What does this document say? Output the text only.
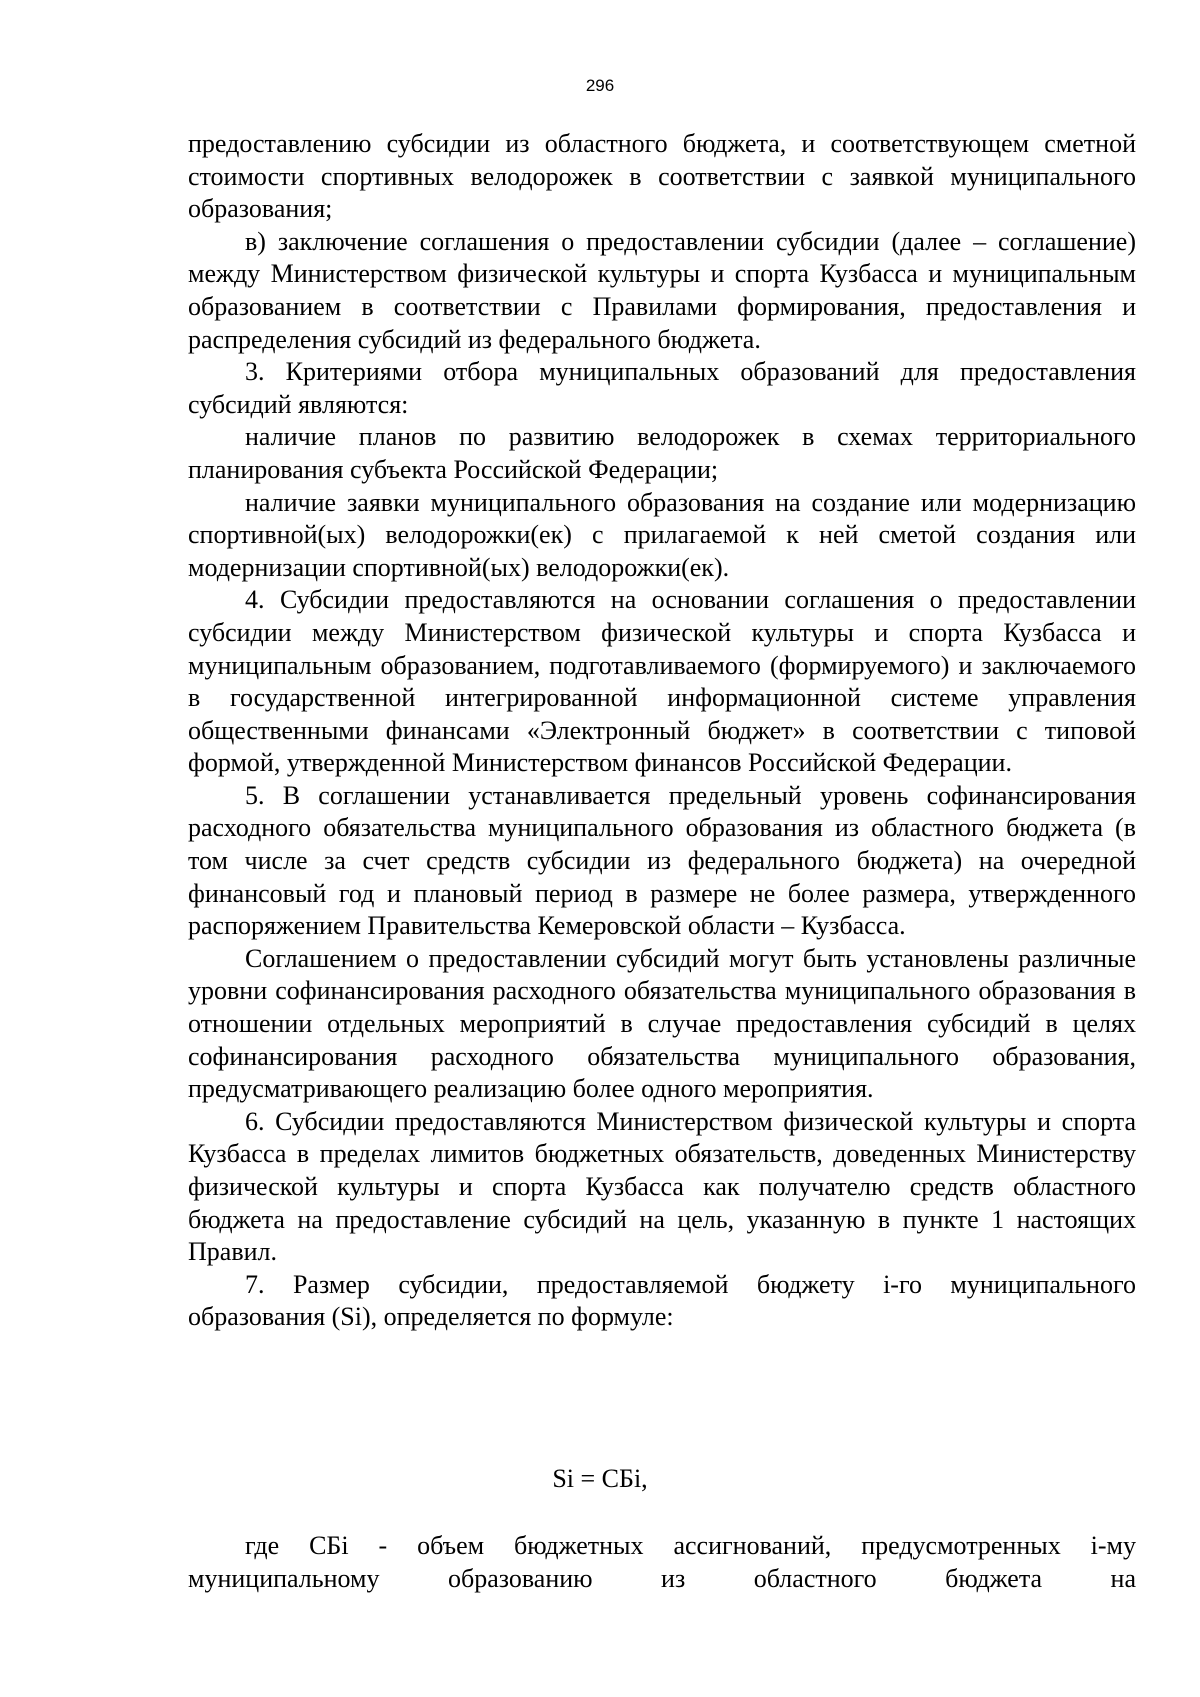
296

предоставлению субсидии из областного бюджета, и соответствующем сметной стоимости спортивных велодорожек в соответствии с заявкой муниципального образования;

в) заключение соглашения о предоставлении субсидии (далее – соглашение) между Министерством физической культуры и спорта Кузбасса и муниципальным образованием в соответствии с Правилами формирования, предоставления и распределения субсидий из федерального бюджета.

3. Критериями отбора муниципальных образований для предоставления субсидий являются:

наличие планов по развитию велодорожек в схемах территориального планирования субъекта Российской Федерации;

наличие заявки муниципального образования на создание или модернизацию спортивной(ых) велодорожки(ек) с прилагаемой к ней сметой создания или модернизации спортивной(ых) велодорожки(ек).

4. Субсидии предоставляются на основании соглашения о предоставлении субсидии между Министерством физической культуры и спорта Кузбасса и муниципальным образованием, подготавливаемого (формируемого) и заключаемого в государственной интегрированной информационной системе управления общественными финансами «Электронный бюджет» в соответствии с типовой формой, утвержденной Министерством финансов Российской Федерации.

5. В соглашении устанавливается предельный уровень софинансирования расходного обязательства муниципального образования из областного бюджета (в том числе за счет средств субсидии из федерального бюджета) на очередной финансовый год и плановый период в размере не более размера, утвержденного распоряжением Правительства Кемеровской области – Кузбасса.

Соглашением о предоставлении субсидий могут быть установлены различные уровни софинансирования расходного обязательства муниципального образования в отношении отдельных мероприятий в случае предоставления субсидий в целях софинансирования расходного обязательства муниципального образования, предусматривающего реализацию более одного мероприятия.

6. Субсидии предоставляются Министерством физической культуры и спорта Кузбасса в пределах лимитов бюджетных обязательств, доведенных Министерству физической культуры и спорта Кузбасса как получателю средств областного бюджета на предоставление субсидий на цель, указанную в пункте 1 настоящих Правил.

7. Размер субсидии, предоставляемой бюджету i-го муниципального образования (Si), определяется по формуле:

Si = СБi,

где СБi - объем бюджетных ассигнований, предусмотренных i-му муниципальному образованию из областного бюджета на
